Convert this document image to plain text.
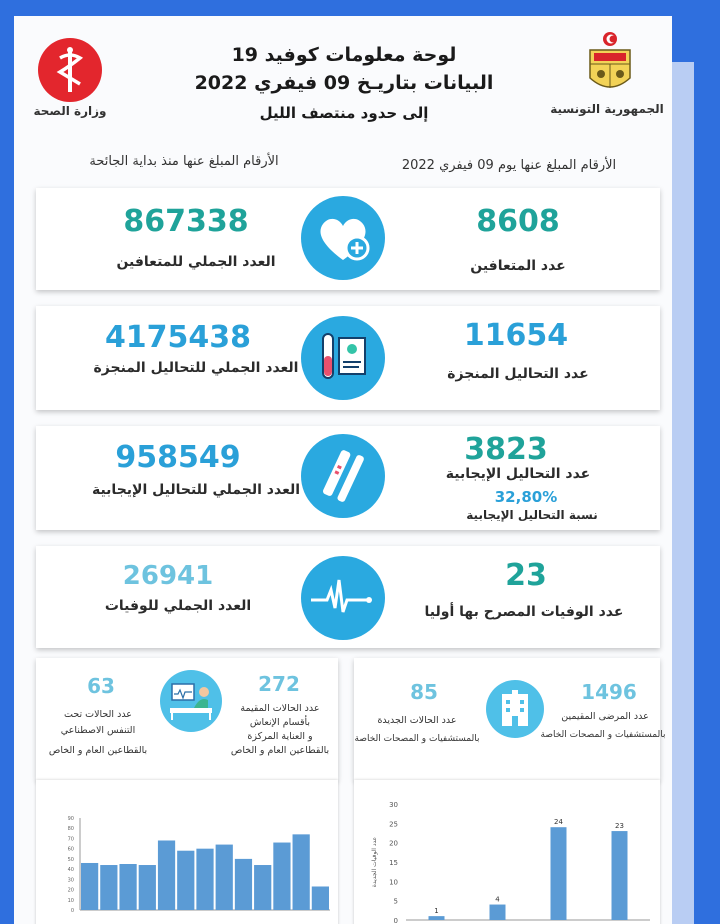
وزارة الصحة	الجمهورية التونسية
لوحة معلومات كوفيد 19
البيانات بتاريـخ 09 فيفري 2022
إلى حدود منتصف الليل
الأرقام المبلغ عنها منذ بداية الجائحة	الأرقام المبلغ عنها يوم 09 فيفري 2022
867338
العدد الجملي للمتعافين
8608
عدد المتعافين
4175438
العدد الجملي للتحاليل المنجزة
11654
عدد التحاليل المنجزة
958549
العدد الجملي للتحاليل الإيجابية
3823
عدد التحاليل الإيجابية
32,80%
نسبة التحاليل الإيجابية
26941
العدد الجملي للوفيات
23
عدد الوفيات المصرح بها أوليا
63
عدد الحالات تحت
التنفس الاصطناعي
بالقطاعين العام و الخاص
272
عدد الحالات المقيمة
بأقسام الإنعاش
و العناية المركزة
بالقطاعين العام و الخاص
85
عدد الحالات الجديدة
بالمستشفيات و المصحات الخاصة
1496
عدد المرضى المقيمين
بالمستشفيات و المصحات الخاصة
0
10
20
30
40
50
60
70
80
90
0
5
10
15
20
25
30
عدد الوفيات الجديدة
1
4
24	23
